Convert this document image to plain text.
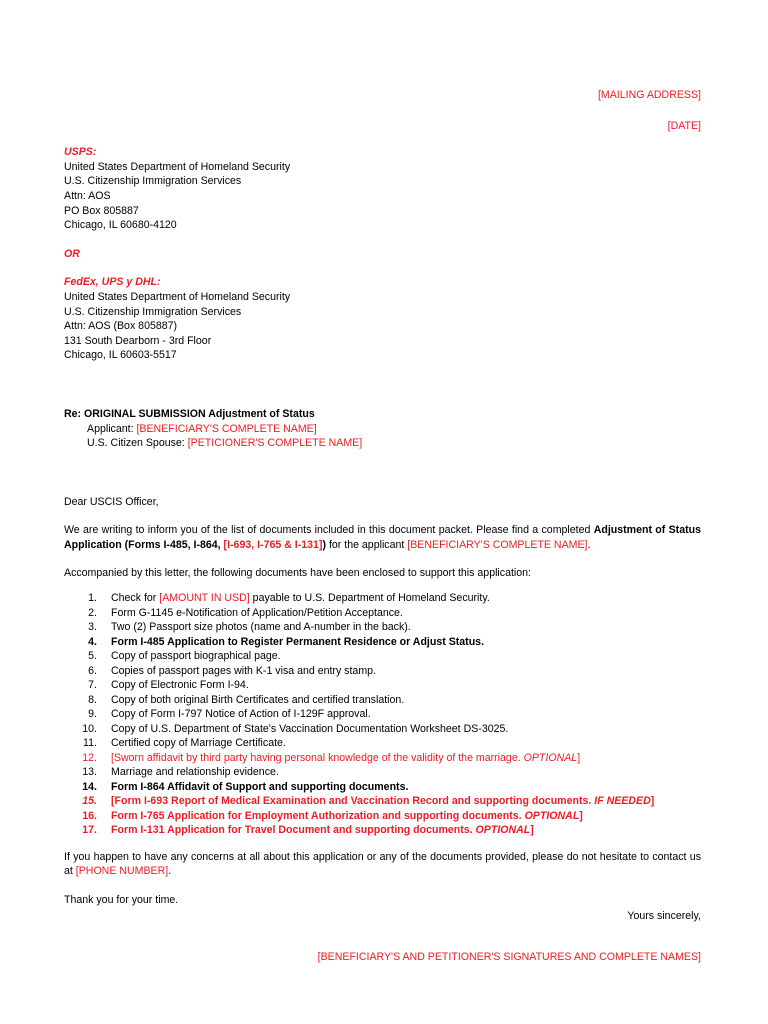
[MAILING ADDRESS]
[DATE]
USPS:
United States Department of Homeland Security
U.S. Citizenship Immigration Services
Attn: AOS
PO Box 805887
Chicago, IL 60680-4120
OR
FedEx, UPS y DHL:
United States Department of Homeland Security
U.S. Citizenship Immigration Services
Attn: AOS (Box 805887)
131 South Dearborn - 3rd Floor
Chicago, IL 60603-5517
Re: ORIGINAL SUBMISSION Adjustment of Status
Applicant: [BENEFICIARY'S COMPLETE NAME]
U.S. Citizen Spouse: [PETICIONER'S COMPLETE NAME]
Dear USCIS Officer,
We are writing to inform you of the list of documents included in this document packet. Please find a completed Adjustment of Status Application (Forms I-485, I-864, [I-693, I-765 & I-131]) for the applicant [BENEFICIARY'S COMPLETE NAME].
Accompanied by this letter, the following documents have been enclosed to support this application:
1. Check for [AMOUNT IN USD] payable to U.S. Department of Homeland Security.
2. Form G-1145 e-Notification of Application/Petition Acceptance.
3. Two (2) Passport size photos (name and A-number in the back).
4. Form I-485 Application to Register Permanent Residence or Adjust Status.
5. Copy of passport biographical page.
6. Copies of passport pages with K-1 visa and entry stamp.
7. Copy of Electronic Form I-94.
8. Copy of both original Birth Certificates and certified translation.
9. Copy of Form I-797 Notice of Action of I-129F approval.
10. Copy of U.S. Department of State's Vaccination Documentation Worksheet DS-3025.
11. Certified copy of Marriage Certificate.
12. [Sworn affidavit by third party having personal knowledge of the validity of the marriage. OPTIONAL]
13. Marriage and relationship evidence.
14. Form I-864 Affidavit of Support and supporting documents.
15. [Form I-693 Report of Medical Examination and Vaccination Record and supporting documents. IF NEEDED]
16. Form I-765 Application for Employment Authorization and supporting documents. OPTIONAL]
17. Form I-131 Application for Travel Document and supporting documents. OPTIONAL]
If you happen to have any concerns at all about this application or any of the documents provided, please do not hesitate to contact us at [PHONE NUMBER].
Thank you for your time.
Yours sincerely,
[BENEFICIARY'S AND PETITIONER'S SIGNATURES AND COMPLETE NAMES]
